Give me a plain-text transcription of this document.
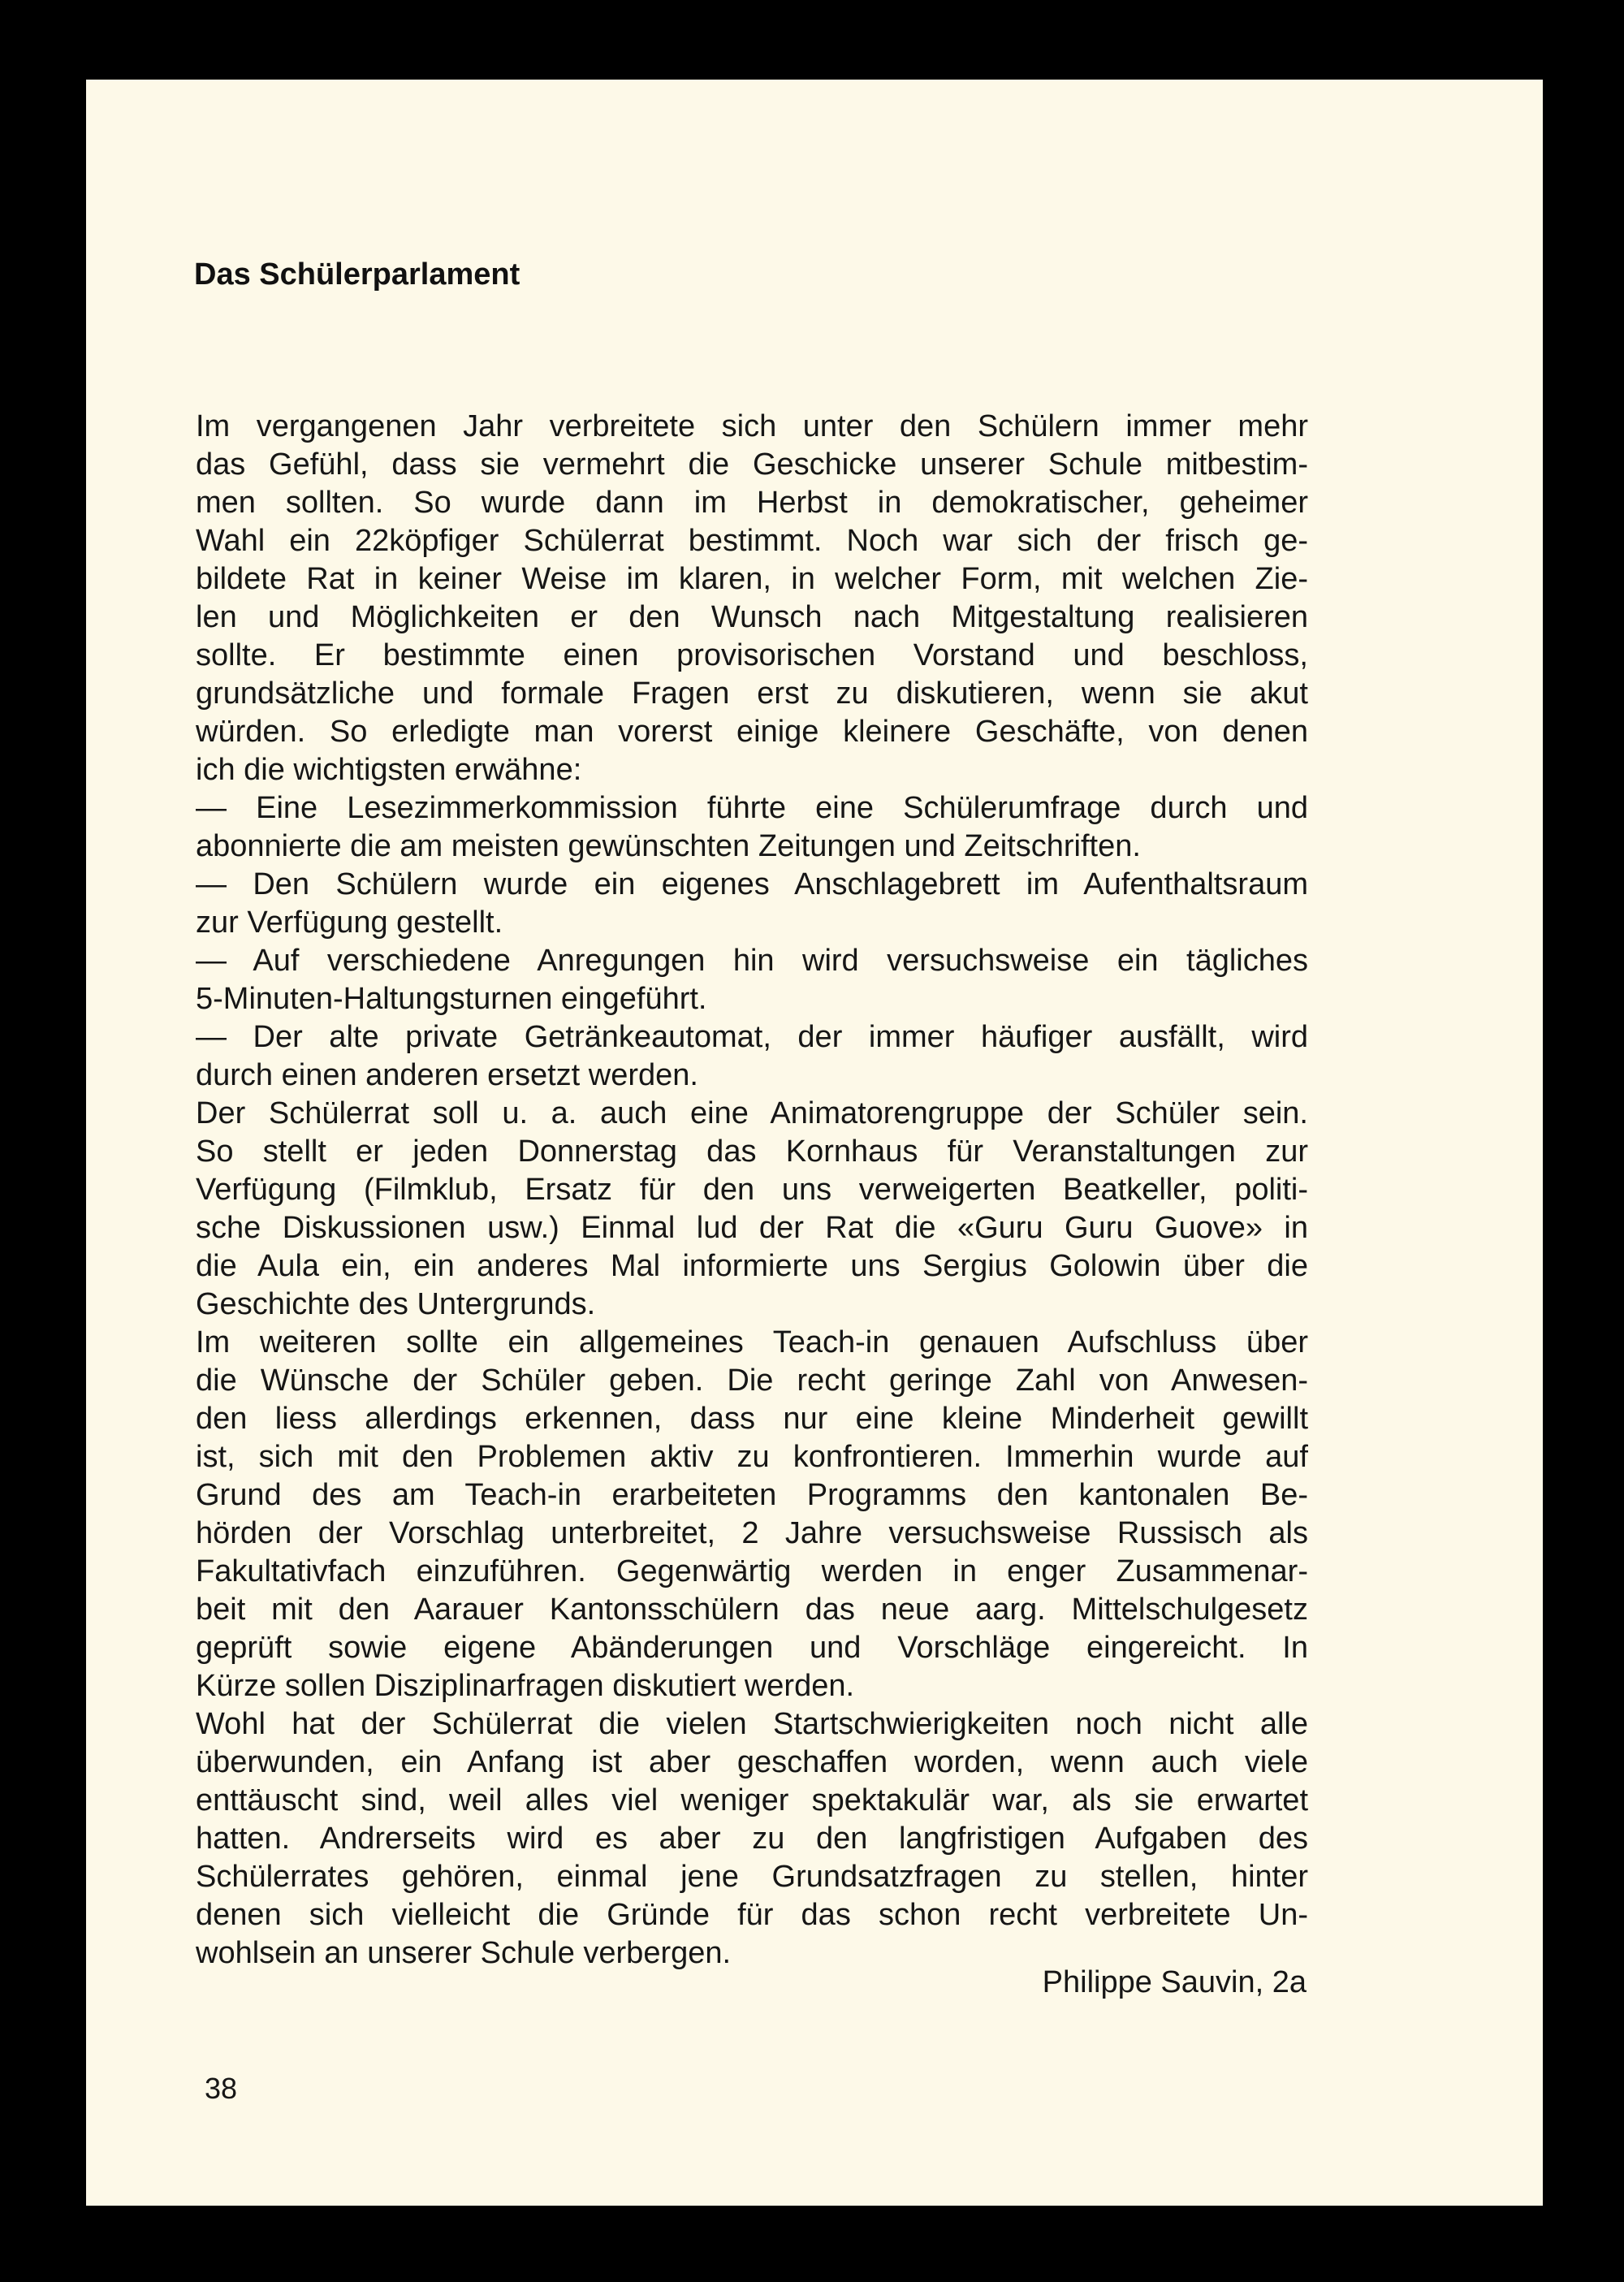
Das Schülerparlament
Im vergangenen Jahr verbreitete sich unter den Schülern immer mehr
das Gefühl, dass sie vermehrt die Geschicke unserer Schule mitbestim-
men sollten. So wurde dann im Herbst in demokratischer, geheimer
Wahl ein 22köpfiger Schülerrat bestimmt. Noch war sich der frisch ge-
bildete Rat in keiner Weise im klaren, in welcher Form, mit welchen Zie-
len und Möglichkeiten er den Wunsch nach Mitgestaltung realisieren
sollte. Er bestimmte einen provisorischen Vorstand und beschloss,
grundsätzliche und formale Fragen erst zu diskutieren, wenn sie akut
würden. So erledigte man vorerst einige kleinere Geschäfte, von denen
ich die wichtigsten erwähne:
— Eine Lesezimmerkommission führte eine Schülerumfrage durch und
abonnierte die am meisten gewünschten Zeitungen und Zeitschriften.
— Den Schülern wurde ein eigenes Anschlagebrett im Aufenthaltsraum
zur Verfügung gestellt.
— Auf verschiedene Anregungen hin wird versuchsweise ein tägliches
5-Minuten-Haltungsturnen eingeführt.
— Der alte private Getränkeautomat, der immer häufiger ausfällt, wird
durch einen anderen ersetzt werden.
Der Schülerrat soll u. a. auch eine Animatorengruppe der Schüler sein.
So stellt er jeden Donnerstag das Kornhaus für Veranstaltungen zur
Verfügung (Filmklub, Ersatz für den uns verweigerten Beatkeller, politi-
sche Diskussionen usw.) Einmal lud der Rat die «Guru Guru Guove» in
die Aula ein, ein anderes Mal informierte uns Sergius Golowin über die
Geschichte des Untergrunds.
Im weiteren sollte ein allgemeines Teach-in genauen Aufschluss über
die Wünsche der Schüler geben. Die recht geringe Zahl von Anwesen-
den liess allerdings erkennen, dass nur eine kleine Minderheit gewillt
ist, sich mit den Problemen aktiv zu konfrontieren. Immerhin wurde auf
Grund des am Teach-in erarbeiteten Programms den kantonalen Be-
hörden der Vorschlag unterbreitet, 2 Jahre versuchsweise Russisch als
Fakultativfach einzuführen. Gegenwärtig werden in enger Zusammenar-
beit mit den Aarauer Kantonsschülern das neue aarg. Mittelschulgesetz
geprüft sowie eigene Abänderungen und Vorschläge eingereicht. In
Kürze sollen Disziplinarfragen diskutiert werden.
Wohl hat der Schülerrat die vielen Startschwierigkeiten noch nicht alle
überwunden, ein Anfang ist aber geschaffen worden, wenn auch viele
enttäuscht sind, weil alles viel weniger spektakulär war, als sie erwartet
hatten. Andrerseits wird es aber zu den langfristigen Aufgaben des
Schülerrates gehören, einmal jene Grundsatzfragen zu stellen, hinter
denen sich vielleicht die Gründe für das schon recht verbreitete Un-
wohlsein an unserer Schule verbergen.
Philippe Sauvin, 2a
38
